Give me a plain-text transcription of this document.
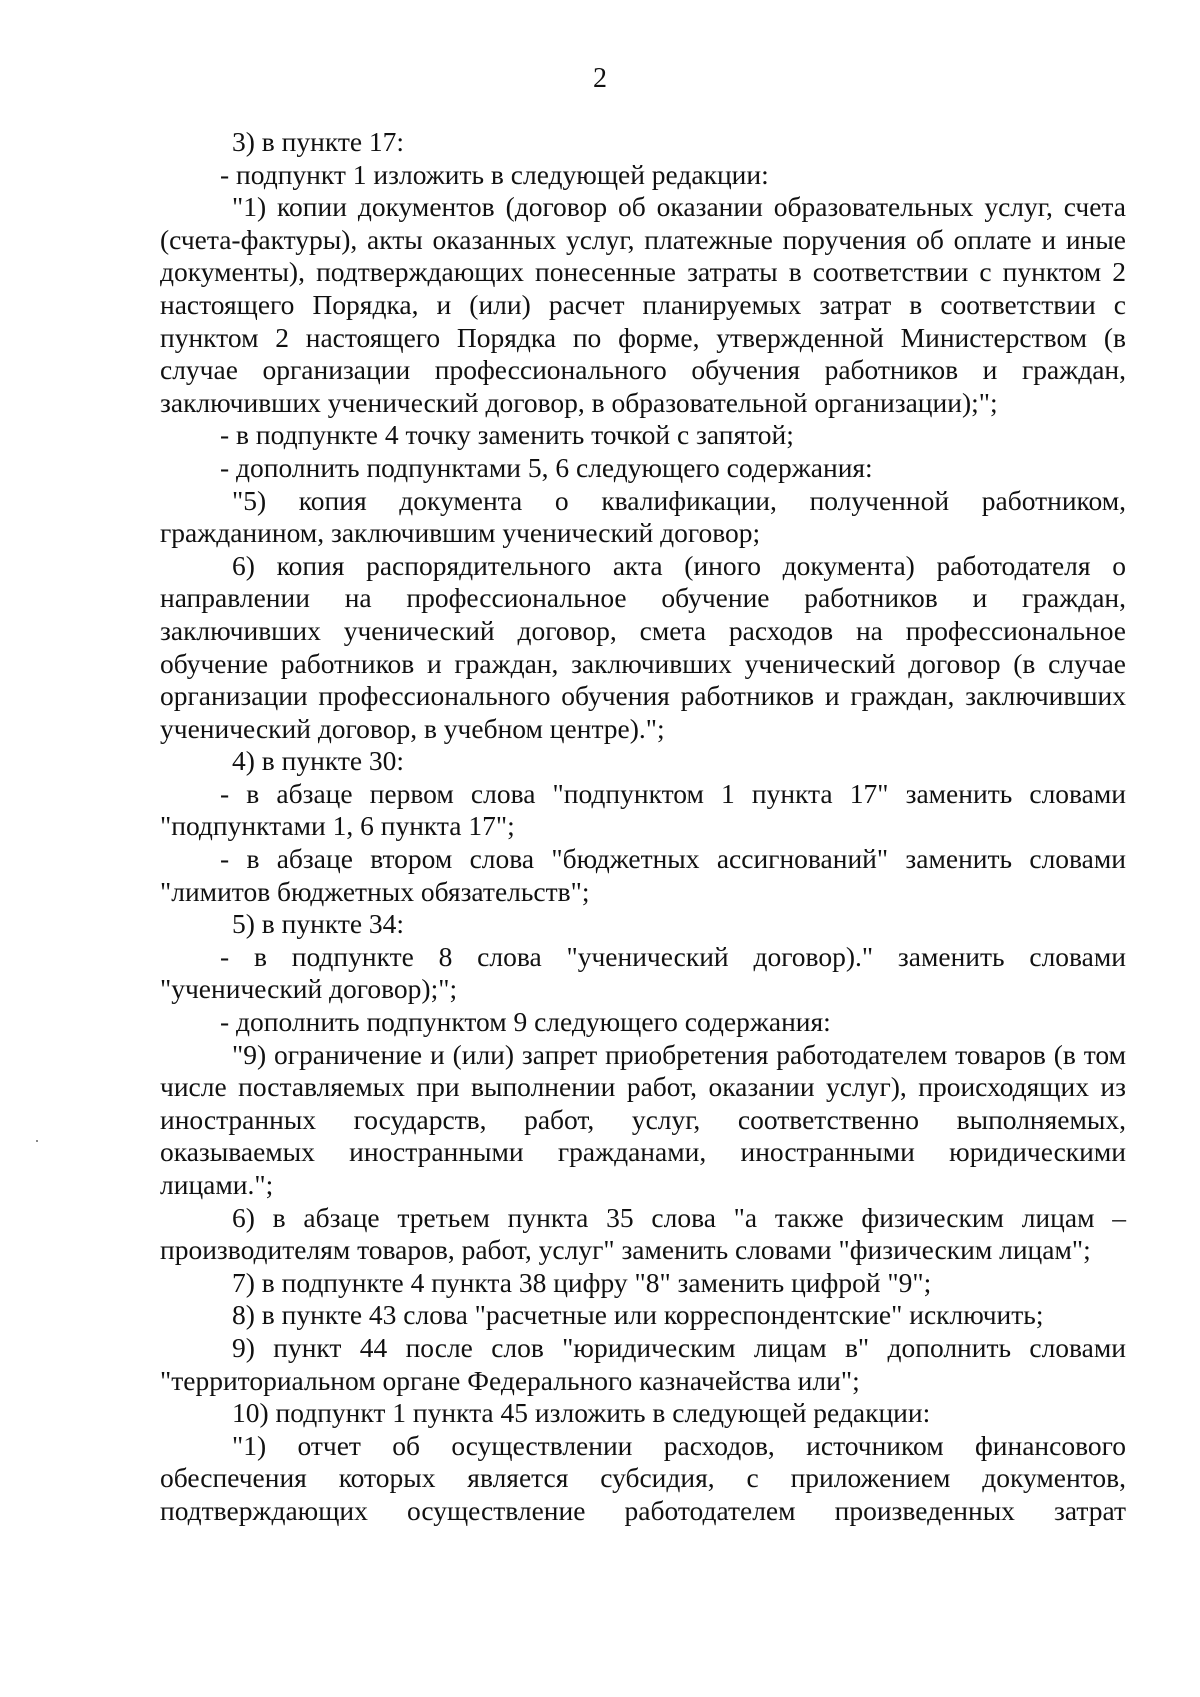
2

3) в пункте 17:

- подпункт 1 изложить в следующей редакции:

"1) копии документов (договор об оказании образовательных услуг, счета (счета-фактуры), акты оказанных услуг, платежные поручения об оплате и иные документы), подтверждающих понесенные затраты в соответствии с пунктом 2 настоящего Порядка, и (или) расчет планируемых затрат в соответствии с пунктом 2 настоящего Порядка по форме, утвержденной Министерством (в случае организации профессионального обучения работников и граждан, заключивших ученический договор, в образовательной организации);";

- в подпункте 4 точку заменить точкой с запятой;

- дополнить подпунктами 5, 6 следующего содержания:

"5) копия документа о квалификации, полученной работником, гражданином, заключившим ученический договор;

6) копия распорядительного акта (иного документа) работодателя о направлении на профессиональное обучение работников и граждан, заключивших ученический договор, смета расходов на профессиональное обучение работников и граждан, заключивших ученический договор (в случае организации профессионального обучения работников и граждан, заключивших ученический договор, в учебном центре).";

4) в пункте 30:

- в абзаце первом слова "подпунктом 1 пункта 17" заменить словами "подпунктами 1, 6 пункта 17";

- в абзаце втором слова "бюджетных ассигнований" заменить словами "лимитов бюджетных обязательств";

5) в пункте 34:

- в подпункте 8 слова "ученический договор)." заменить словами "ученический договор);";

- дополнить подпунктом 9 следующего содержания:

"9) ограничение и (или) запрет приобретения работодателем товаров (в том числе поставляемых при выполнении работ, оказании услуг), происходящих из иностранных государств, работ, услуг, соответственно выполняемых, оказываемых иностранными гражданами, иностранными юридическими лицами.";

6) в абзаце третьем пункта 35 слова "а также физическим лицам – производителям товаров, работ, услуг" заменить словами "физическим лицам";

7) в подпункте 4 пункта 38 цифру "8" заменить цифрой "9";

8) в пункте 43 слова "расчетные или корреспондентские" исключить;

9) пункт 44 после слов "юридическим лицам в" дополнить словами "территориальном органе Федерального казначейства или";

10) подпункт 1 пункта 45 изложить в следующей редакции:

"1) отчет об осуществлении расходов, источником финансового обеспечения которых является субсидия, с приложением документов, подтверждающих осуществление работодателем произведенных затрат
